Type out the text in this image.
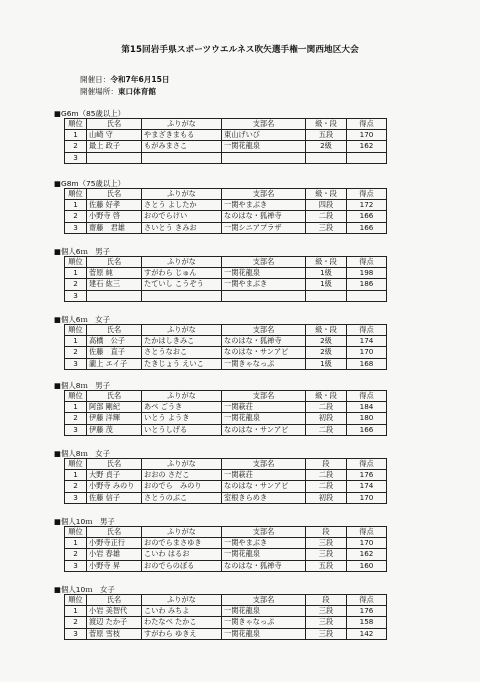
第15回岩手県スポーツウエルネス吹矢選手権一関西地区大会
開催日：令和7年6月15日
開催場所：東口体育館
■G6m（85歳以上）
順位	氏名	ふりがな	支部名	級・段	得点
1	山崎 守	やまざきまもる	東山げいび	五段	170
2	最上 政子	もがみまさこ	一関花龍泉	2級	162
3					
■G8m（75歳以上）
順位	氏名	ふりがな	支部名	級・段	得点
1	佐藤 好孝	さとう よしたか	一関やまぶき	四段	172
2	小野寺 啓	おのでらけい	なのはな・狐禅寺	二段	166
3	齋藤　君雄	さいとう きみお	一関シニアプラザ	三段	166
■個人6ｍ　男子
順位	氏名	ふりがな	支部名	級・段	得点
1	菅原 純	すがわら じゅん	一関花龍泉	1級	198
2	建石 紘三	たていし こうぞう	一関やまぶき	1級	186
3					
■個人6ｍ　女子
順位	氏名	ふりがな	支部名	級・段	得点
1	高橋　公子	たかはしきみこ	なのはな・狐禅寺	2級	174
2	佐藤　直子	さとうなおこ	なのはな・サンアビ	2級	170
3	瀧上 エイ子	たきじょう えいこ	一関きゃなっぷ	1級	168
■個人8ｍ　男子
順位	氏名	ふりがな	支部名	級・段	得点
1	阿部 剛紀	あべ ごうき	一関萩荘	二段	184
2	伊藤 洋輝	いとう ようき	一関花龍泉	初段	180
3	伊藤 茂	いとうしげる	なのはな・サンアビ	二段	166
■個人8ｍ　女子
順位	氏名	ふりがな	支部名	段	得点
1	大野 貞子	おおの さだこ	一関萩荘	二段	176
2	小野寺 みのり	おのでら　みのり	なのはな・サンアビ	二段	174
3	佐藤 信子	さとうのぶこ	室根きらめき	初段	170
■個人10ｍ　男子
順位	氏名	ふりがな	支部名	段	得点
1	小野寺正行	おのでらまさゆき	一関やまぶき	三段	170
2	小岩 春雄	こいわ はるお	一関花龍泉	三段	162
3	小野寺 昇	おのでらのぼる	なのはな・狐禅寺	五段	160
■個人10ｍ　女子
順位	氏名	ふりがな	支部名	段	得点
1	小岩 美智代	こいわ みちよ	一関花龍泉	三段	176
2	渡辺 たか子	わたなべ たかこ	一関きゃなっぷ	三段	158
3	菅原 雪枝	すがわら ゆきえ	一関花龍泉	三段	142
